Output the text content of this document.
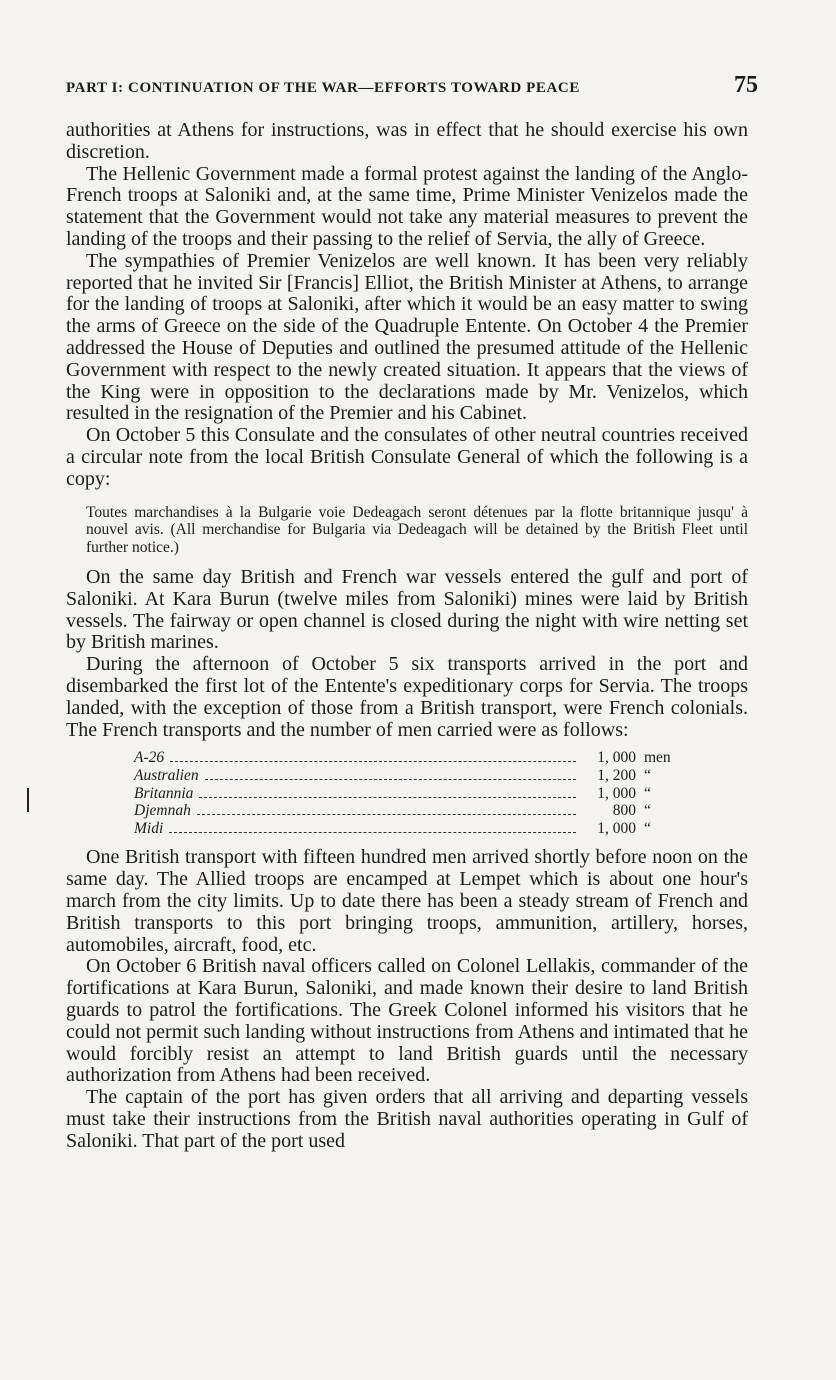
PART I: CONTINUATION OF THE WAR—EFFORTS TOWARD PEACE	75

authorities at Athens for instructions, was in effect that he should exercise his own discretion.

The Hellenic Government made a formal protest against the landing of the Anglo-French troops at Saloniki and, at the same time, Prime Minister Venizelos made the statement that the Government would not take any material measures to prevent the landing of the troops and their passing to the relief of Servia, the ally of Greece.

The sympathies of Premier Venizelos are well known. It has been very reliably reported that he invited Sir [Francis] Elliot, the British Minister at Athens, to arrange for the landing of troops at Saloniki, after which it would be an easy matter to swing the arms of Greece on the side of the Quadruple Entente. On October 4 the Premier addressed the House of Deputies and outlined the presumed attitude of the Hellenic Government with respect to the newly created situation. It appears that the views of the King were in opposition to the declarations made by Mr. Venizelos, which resulted in the resignation of the Premier and his Cabinet.

On October 5 this Consulate and the consulates of other neutral countries received a circular note from the local British Consulate General of which the following is a copy:

Toutes marchandises à la Bulgarie voie Dedeagach seront détenues par la flotte britannique jusqu' à nouvel avis. (All merchandise for Bulgaria via Dedeagach will be detained by the British Fleet until further notice.)

On the same day British and French war vessels entered the gulf and port of Saloniki. At Kara Burun (twelve miles from Saloniki) mines were laid by British vessels. The fairway or open channel is closed during the night with wire netting set by British marines.

During the afternoon of October 5 six transports arrived in the port and disembarked the first lot of the Entente's expeditionary corps for Servia. The troops landed, with the exception of those from a British transport, were French colonials. The French transports and the number of men carried were as follows:

A-26	1, 000 men
Australien	1, 200 “
Britannia	1, 000 “
Djemnah	800 “
Midi	1, 000 “

One British transport with fifteen hundred men arrived shortly before noon on the same day. The Allied troops are encamped at Lempet which is about one hour's march from the city limits. Up to date there has been a steady stream of French and British transports to this port bringing troops, ammunition, artillery, horses, automobiles, aircraft, food, etc.

On October 6 British naval officers called on Colonel Lellakis, commander of the fortifications at Kara Burun, Saloniki, and made known their desire to land British guards to patrol the fortifications. The Greek Colonel informed his visitors that he could not permit such landing without instructions from Athens and intimated that he would forcibly resist an attempt to land British guards until the necessary authorization from Athens had been received.

The captain of the port has given orders that all arriving and departing vessels must take their instructions from the British naval authorities operating in Gulf of Saloniki. That part of the port used
